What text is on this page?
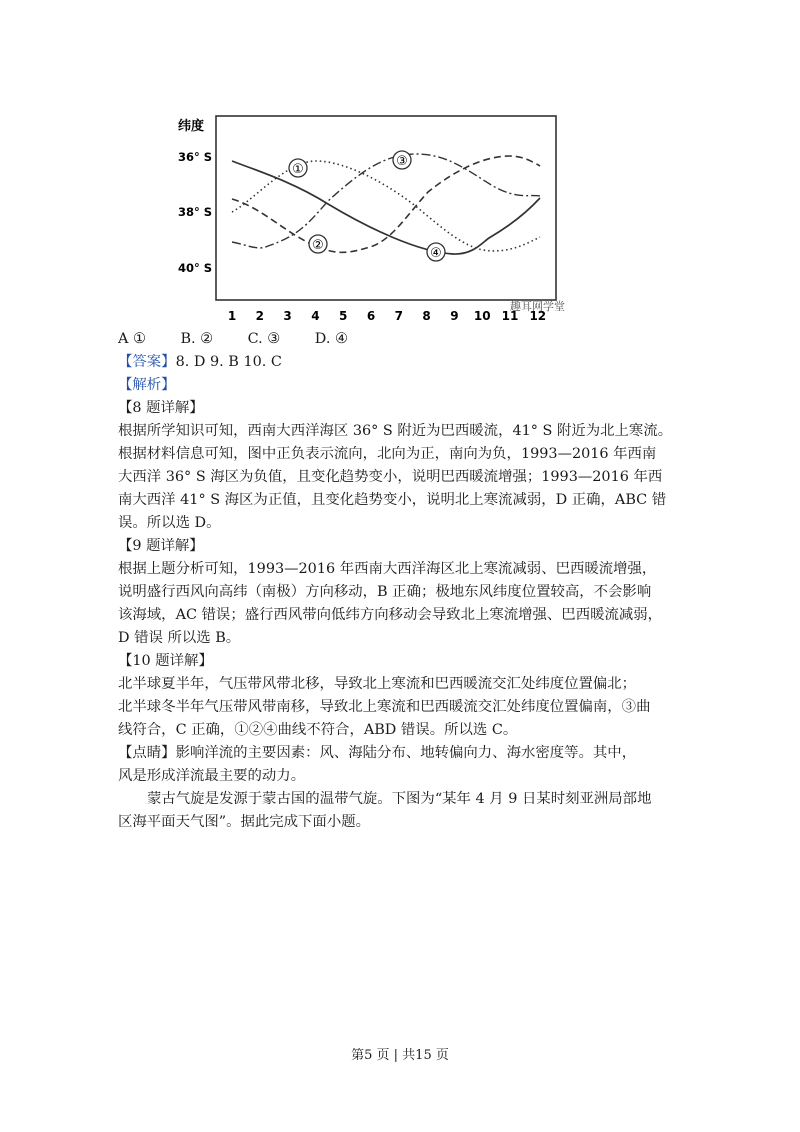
纬度
36° S
38° S
40° S
①
②
③
④
1 2 3 4 5 6 7 8 9 10 11 12
趣耳网学堂
A ① B. ② C. ③ D. ④
【答案】8. D 9. B 10. C
【解析】
【8 题详解】
根据所学知识可知，西南大西洋海区 36° S 附近为巴西暖流，41° S 附近为北上寒流。
根据材料信息可知，图中正负表示流向，北向为正，南向为负，1993—2016 年西南
大西洋 36° S 海区为负值，且变化趋势变小，说明巴西暖流增强；1993—2016 年西
南大西洋 41° S 海区为正值，且变化趋势变小，说明北上寒流减弱，D 正确，ABC 错
误。所以选 D。
【9 题详解】
根据上题分析可知，1993—2016 年西南大西洋海区北上寒流减弱、巴西暖流增强，
说明盛行西风向高纬（南极）方向移动，B 正确；极地东风纬度位置较高，不会影响
该海域，AC 错误；盛行西风带向低纬方向移动会导致北上寒流增强、巴西暖流减弱，
D 错误 所以选 B。
【10 题详解】
北半球夏半年，气压带风带北移，导致北上寒流和巴西暖流交汇处纬度位置偏北；
北半球冬半年气压带风带南移，导致北上寒流和巴西暖流交汇处纬度位置偏南，③曲
线符合，C 正确，①②④曲线不符合，ABD 错误。所以选 C。
【点睛】影响洋流的主要因素：风、海陆分布、地转偏向力、海水密度等。其中，
风是形成洋流最主要的动力。
蒙古气旋是发源于蒙古国的温带气旋。下图为“某年 4 月 9 日某时刻亚洲局部地
区海平面天气图”。据此完成下面小题。
第5 页 | 共15 页
